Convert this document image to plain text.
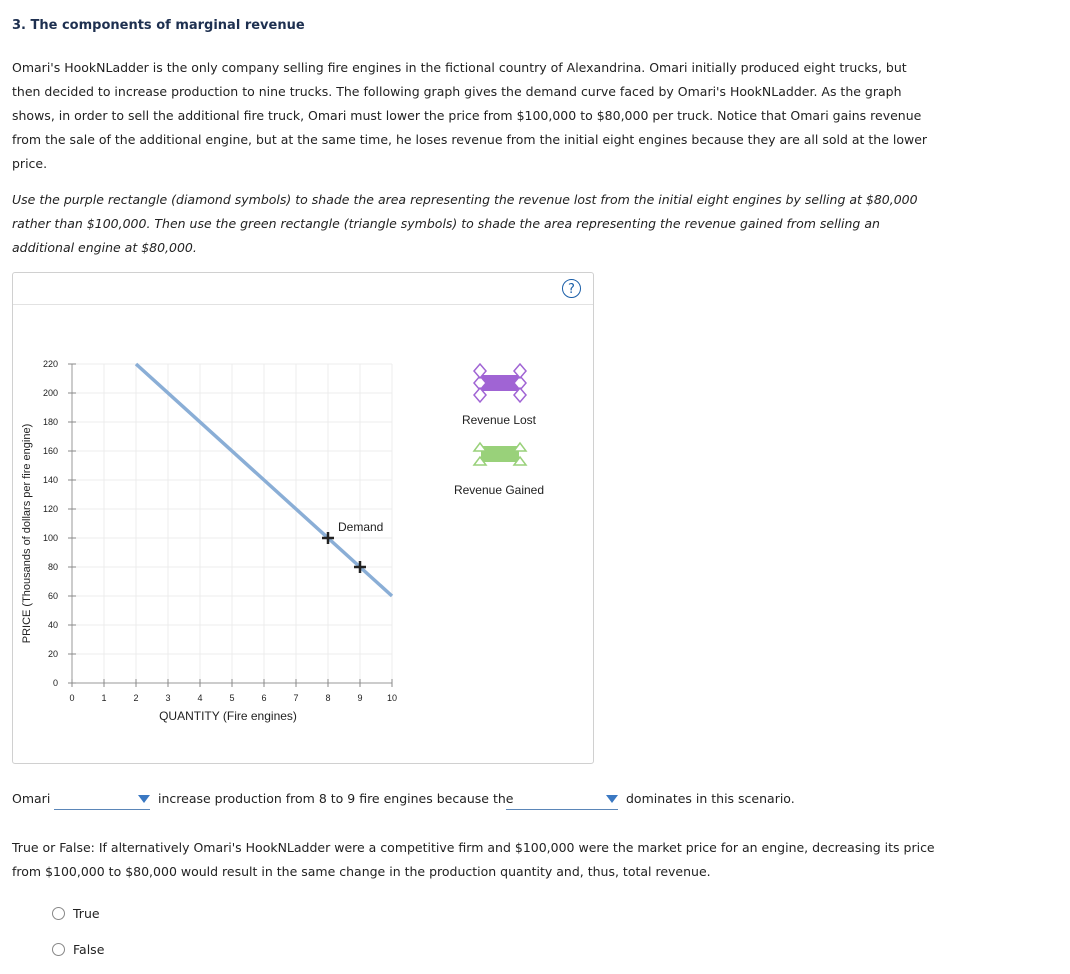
3. The components of marginal revenue

Omari's HookNLadder is the only company selling fire engines in the fictional country of Alexandrina. Omari initially produced eight trucks, but then decided to increase production to nine trucks. The following graph gives the demand curve faced by Omari's HookNLadder. As the graph shows, in order to sell the additional fire truck, Omari must lower the price from $100,000 to $80,000 per truck. Notice that Omari gains revenue from the sale of the additional engine, but at the same time, he loses revenue from the initial eight engines because they are all sold at the lower price.

Use the purple rectangle (diamond symbols) to shade the area representing the revenue lost from the initial eight engines by selling at $80,000 rather than $100,000. Then use the green rectangle (triangle symbols) to shade the area representing the revenue gained from selling an additional engine at $80,000.

?
0
20
40
60
80
100
120
140
160
180
200
220
0	1	2	3	4	5	6	7	8	9	10
Demand
QUANTITY (Fire engines)
PRICE (Thousands of dollars per fire engine)
Revenue Lost
Revenue Gained
Omari	increase production from 8 to 9 fire engines because the	dominates in this scenario.

True or False: If alternatively Omari's HookNLadder were a competitive firm and $100,000 were the market price for an engine, decreasing its price from $100,000 to $80,000 would result in the same change in the production quantity and, thus, total revenue.

True
False
